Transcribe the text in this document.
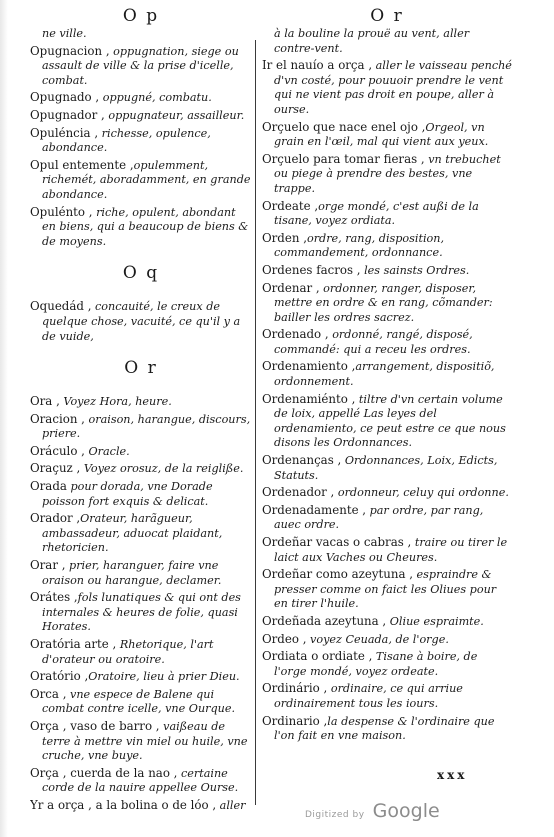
O p
ne ville.
Opugnacion , oppugnation, siege ou assault de ville & la prise d'icelle, combat.
Opugnado , oppugné, combatu.
Opugnador , oppugnateur, assailleur.
Opuléncia , richesse, opulence, abondance.
Opul entemente ,opulemment, richemét, aboradamment, en grande abondance.
Opulénto , riche, opulent, abondant en biens, qui a beaucoup de biens & de moyens.
O q
Oquedád , concauité, le creux de quelque chose, vacuité, ce qu'il y a de vuide,
O r
Ora , Voyez Hora, heure.
Oracion , oraison, harangue, discours, priere.
Oráculo , Oracle.
Oraçuz , Voyez orosuz, de la reigliße.
Orada pour dorada, vne Dorade poisson fort exquis & delicat.
Orador ,Orateur, harãgueur, ambassadeur, aduocat plaidant, rhetoricien.
Orar , prier, haranguer, faire vne oraison ou harangue, declamer.
Orátes ,fols lunatiques & qui ont des internales & heures de folie, quasi Horates.
Oratória arte , Rhetorique, l'art d'orateur ou oratoire.
Oratório ,Oratoire, lieu à prier Dieu.
Orca , vne espece de Balene qui combat contre icelle, vne Ourque.
Orça , vaso de barro , vaißeau de terre à mettre vin miel ou huile, vne cruche, vne buye.
Orça , cuerda de la nao , certaine corde de la nauire appellee Ourse.
Yr a orça , a la bolina o de lóo , aller
O r
à la bouline la prouë au vent, aller contre-vent.
Ir el nauío a orça , aller le vaisseau penché d'vn costé, pour pouuoir prendre le vent qui ne vient pas droit en poupe, aller à ourse.
Orçuelo que nace enel ojo ,Orgeol, vn grain en l'œil, mal qui vient aux yeux.
Orçuelo para tomar fieras , vn trebuchet ou piege à prendre des bestes, vne trappe.
Ordeate ,orge mondé, c'est außi de la tisane, voyez ordiata.
Orden ,ordre, rang, disposition, commandement, ordonnance.
Ordenes facros , les sainsts Ordres.
Ordenar , ordonner, ranger, disposer, mettre en ordre & en rang, cõmander: bailler les ordres sacrez.
Ordenado , ordonné, rangé, disposé, commandé: qui a receu les ordres.
Ordenamiento ,arrangement, dispositiõ, ordonnement.
Ordenamiénto , tiltre d'vn certain volume de loix, appellé Las leyes del ordenamiento, ce peut estre ce que nous disons les Ordonnances.
Ordenanças , Ordonnances, Loix, Edicts, Statuts.
Ordenador , ordonneur, celuy qui ordonne.
Ordenadamente , par ordre, par rang, auec ordre.
Ordeñar vacas o cabras , traire ou tirer le laict aux Vaches ou Cheures.
Ordeñar como azeytuna , espraindre & presser comme on faict les Oliues pour en tirer l'huile.
Ordeñada azeytuna , Oliue espraimte.
Ordeo , voyez Ceuada, de l'orge.
Ordiata o ordiate , Tisane à boire, de l'orge mondé, voyez ordeate.
Ordinário , ordinaire, ce qui arriue ordinairement tous les iours.
Ordinario ,la despense & l'ordinaire que l'on fait en vne maison.
xxx
Digitized by Google
